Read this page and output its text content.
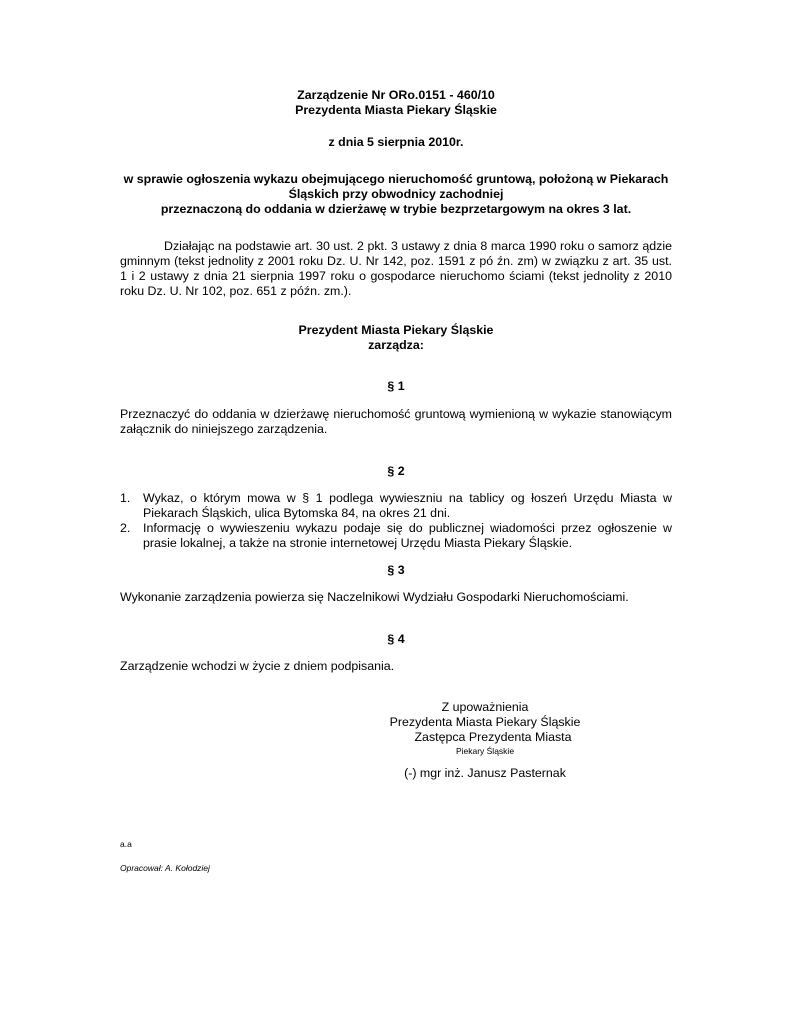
Zarządzenie Nr ORo.0151 - 460/10
Prezydenta Miasta Piekary Śląskie
z dnia 5 sierpnia 2010r.
w sprawie ogłoszenia wykazu obejmującego nieruchomość gruntową, położoną w Piekarach
Śląskich przy obwodnicy zachodniej
przeznaczoną do oddania w dzierżawę w trybie bezprzetargowym na okres 3 lat.
Działając na podstawie art. 30 ust. 2 pkt. 3 ustawy z dnia 8 marca 1990 roku o samorz ądzie gminnym (tekst jednolity z 2001 roku Dz. U. Nr 142, poz. 1591 z pó źn. zm) w związku z art. 35 ust. 1 i 2 ustawy z dnia 21 sierpnia 1997 roku o gospodarce nieruchomo ściami (tekst jednolity z 2010 roku Dz. U. Nr 102, poz. 651 z późn. zm.).
Prezydent Miasta Piekary Śląskie
zarządza:
§ 1
Przeznaczyć do oddania w dzierżawę nieruchomość gruntową wymienioną w wykazie stanowiącym załącznik do niniejszego zarządzenia.
§ 2
1. Wykaz, o którym mowa w § 1 podlega wywieszniu na tablicy og łoszeń Urzędu Miasta w Piekarach Śląskich, ulica Bytomska 84, na okres 21 dni.
2. Informację o wywieszeniu wykazu podaje się do publicznej wiadomości przez ogłoszenie w prasie lokalnej, a także na stronie internetowej Urzędu Miasta Piekary Śląskie.
§ 3
Wykonanie zarządzenia powierza się Naczelnikowi Wydziału Gospodarki Nieruchomościami.
§ 4
Zarządzenie wchodzi w życie z dniem podpisania.
Z upoważnienia
Prezydenta Miasta Piekary Śląskie
Zastępca Prezydenta Miasta
Piekary Śląskie
(-) mgr inż. Janusz Pasternak
a.a
Opracował: A. Kołodziej
